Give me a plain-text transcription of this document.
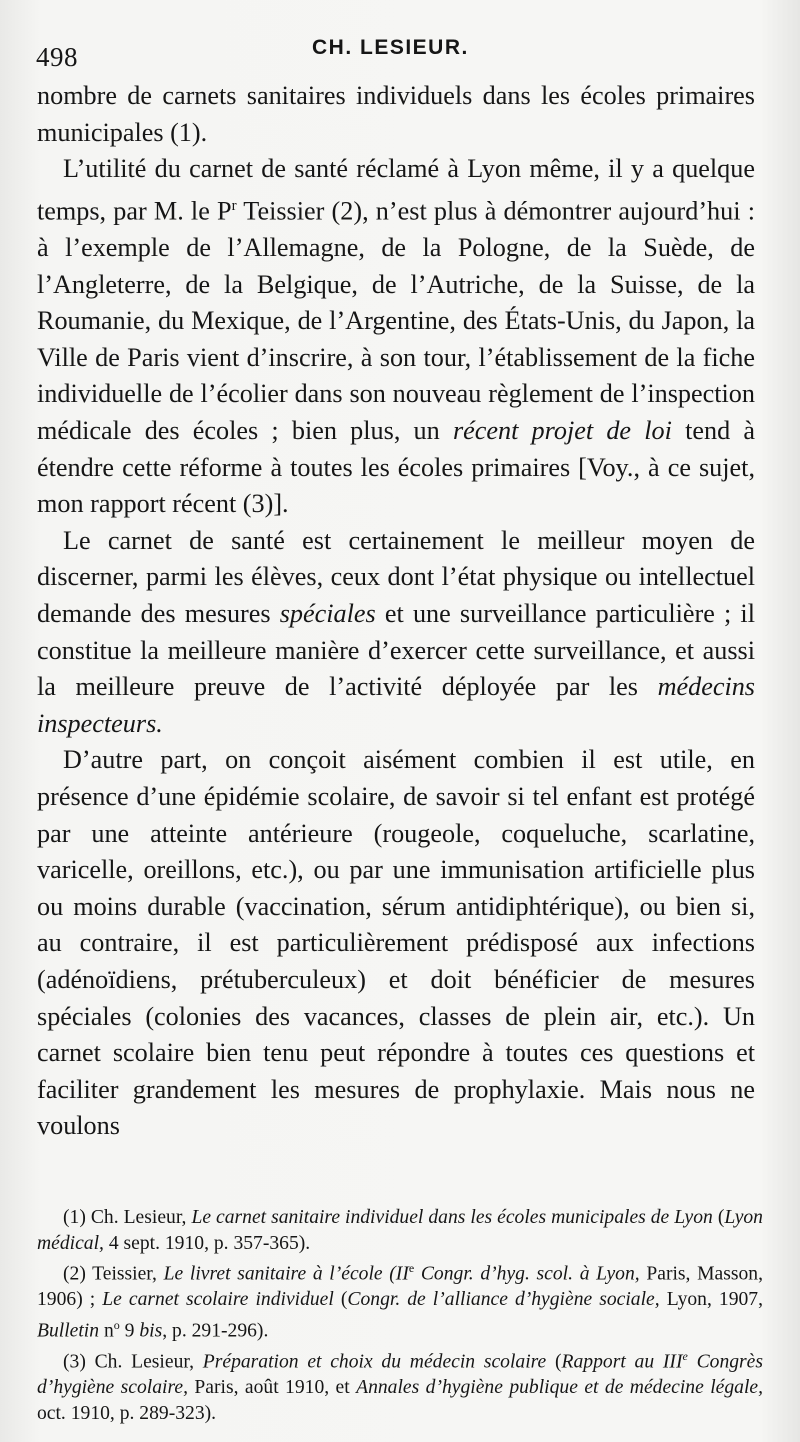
498	CH. LESIEUR.

nombre de carnets sanitaires individuels dans les écoles primaires municipales (1).

L’utilité du carnet de santé réclamé à Lyon même, il y a quelque temps, par M. le $P^r$ Teissier (2), n’est plus à démontrer aujourd’hui : à l’exemple de l’Allemagne, de la Pologne, de la Suède, de l’Angleterre, de la Belgique, de l’Autriche, de la Suisse, de la Roumanie, du Mexique, de l’Argentine, des États-Unis, du Japon, la Ville de Paris vient d’inscrire, à son tour, l’établissement de la fiche individuelle de l’écolier dans son nouveau règlement de l’inspection médicale des écoles ; bien plus, un récent projet de loi tend à étendre cette réforme à toutes les écoles primaires [Voy., à ce sujet, mon rapport récent (3)].

Le carnet de santé est certainement le meilleur moyen de discerner, parmi les élèves, ceux dont l’état physique ou intellectuel demande des mesures spéciales et une surveillance particulière ; il constitue la meilleure manière d’exercer cette surveillance, et aussi la meilleure preuve de l’activité déployée par les médecins inspecteurs.

D’autre part, on conçoit aisément combien il est utile, en présence d’une épidémie scolaire, de savoir si tel enfant est protégé par une atteinte antérieure (rougeole, coqueluche, scarlatine, varicelle, oreillons, etc.), ou par une immunisation artificielle plus ou moins durable (vaccination, sérum antidiphtérique), ou bien si, au contraire, il est particulièrement prédisposé aux infections (adénoïdiens, prétuberculeux) et doit bénéficier de mesures spéciales (colonies des vacances, classes de plein air, etc.). Un carnet scolaire bien tenu peut répondre à toutes ces questions et faciliter grandement les mesures de prophylaxie. Mais nous ne voulons

(1) Ch. Lesieur, Le carnet sanitaire individuel dans les écoles municipales de Lyon (Lyon médical, 4 sept. 1910, p. 357-365).

(2) Teissier, Le livret sanitaire à l’école (IIe Congr. d’hyg. scol. à Lyon, Paris, Masson, 1906) ; Le carnet scolaire individuel (Congr. de l’alliance d’hygiène sociale, Lyon, 1907, Bulletin $n^o$ 9 bis, p. 291-296).

(3) Ch. Lesieur, Préparation et choix du médecin scolaire (Rapport au IIIe Congrès d’hygiène scolaire, Paris, août 1910, et Annales d’hygiène publique et de médecine légale, oct. 1910, p. 289-323).
